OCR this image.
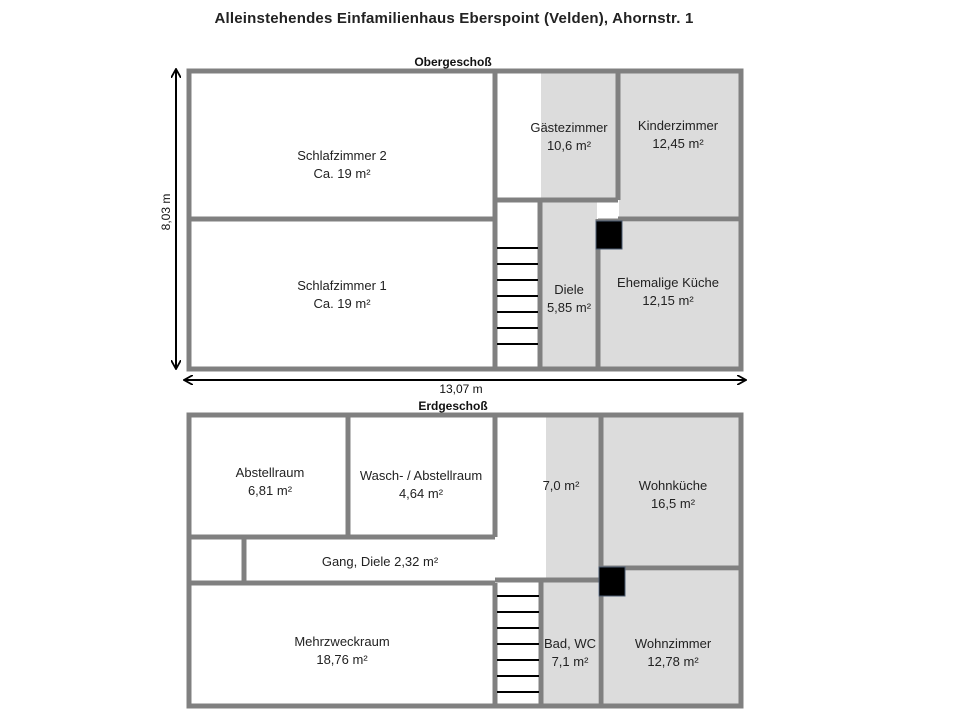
Alleinstehendes Einfamilienhaus Eberspoint (Velden), Ahornstr. 1
Obergeschoß
8,03 m
13,07 m
Schlafzimmer 2
Ca. 19 m²
Schlafzimmer 1
Ca. 19 m²
Gästezimmer
10,6 m²
Kinderzimmer
12,45 m²
Diele
5,85 m²
Ehemalige Küche
12,15 m²
Erdgeschoß
Abstellraum
6,81 m²
Wasch- / Abstellraum
4,64 m²
7,0 m²	Wohnküche
16,5 m²
Gang, Diele 2,32 m²
Mehrzweckraum
18,76 m²
Bad, WC
7,1 m²
Wohnzimmer
12,78 m²
